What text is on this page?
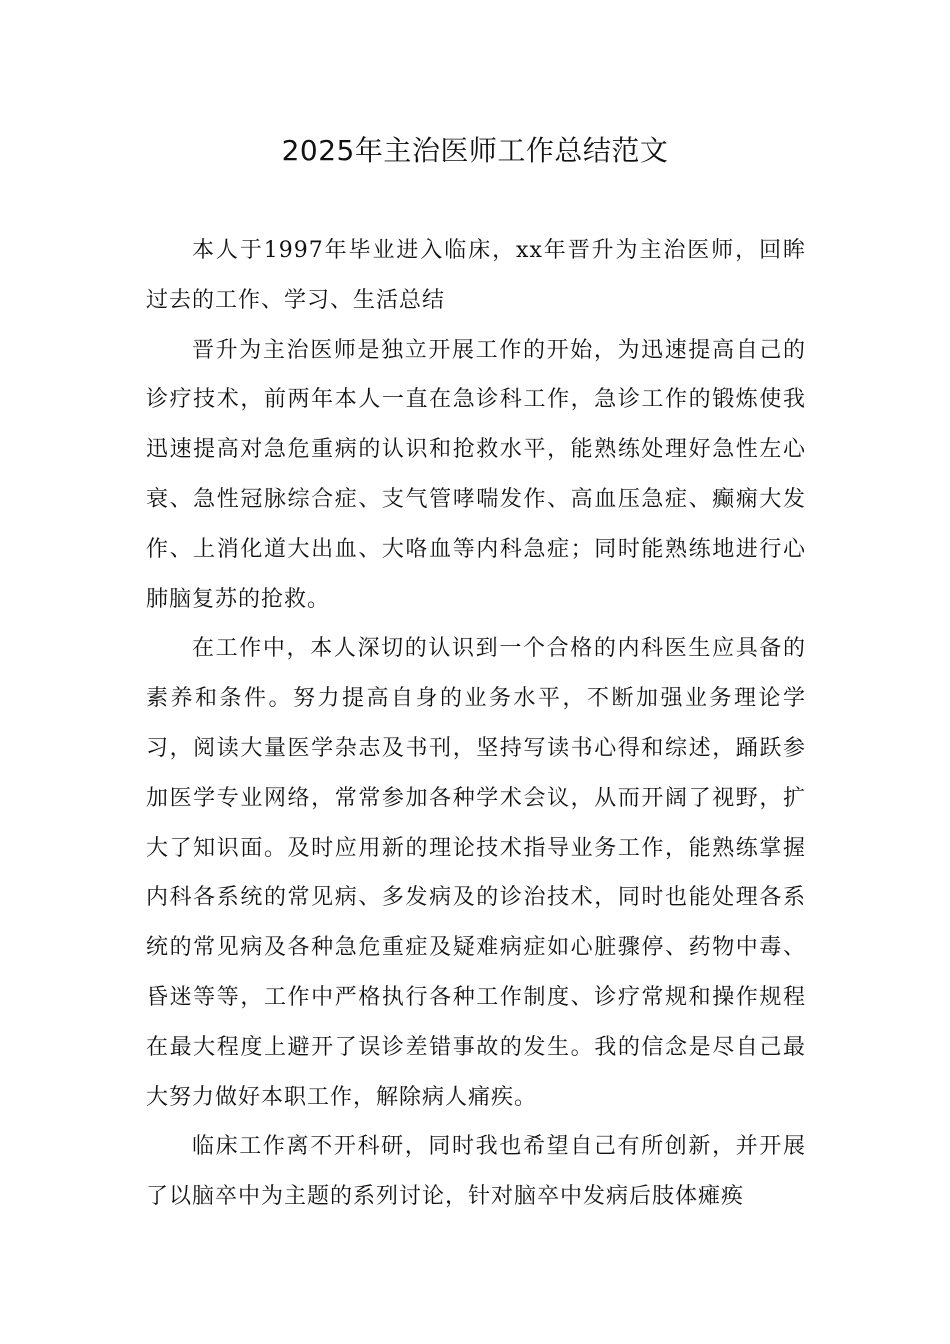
2025年主治医师工作总结范文

本人于1997年毕业进入临床，xx年晋升为主治医师，回眸过去的工作、学习、生活总结

晋升为主治医师是独立开展工作的开始，为迅速提高自己的诊疗技术，前两年本人一直在急诊科工作，急诊工作的锻炼使我迅速提高对急危重病的认识和抢救水平，能熟练处理好急性左心衰、急性冠脉综合症、支气管哮喘发作、高血压急症、癫痫大发作、上消化道大出血、大咯血等内科急症；同时能熟练地进行心肺脑复苏的抢救。

在工作中，本人深切的认识到一个合格的内科医生应具备的素养和条件。努力提高自身的业务水平，不断加强业务理论学习，阅读大量医学杂志及书刊，坚持写读书心得和综述，踊跃参加医学专业网络，常常参加各种学术会议，从而开阔了视野，扩大了知识面。及时应用新的理论技术指导业务工作，能熟练掌握内科各系统的常见病、多发病及的诊治技术，同时也能处理各系统的常见病及各种急危重症及疑难病症如心脏骤停、药物中毒、昏迷等等，工作中严格执行各种工作制度、诊疗常规和操作规程在最大程度上避开了误诊差错事故的发生。我的信念是尽自己最大努力做好本职工作，解除病人痛疾。

临床工作离不开科研，同时我也希望自己有所创新，并开展了以脑卒中为主题的系列讨论，针对脑卒中发病后肢体瘫痪
